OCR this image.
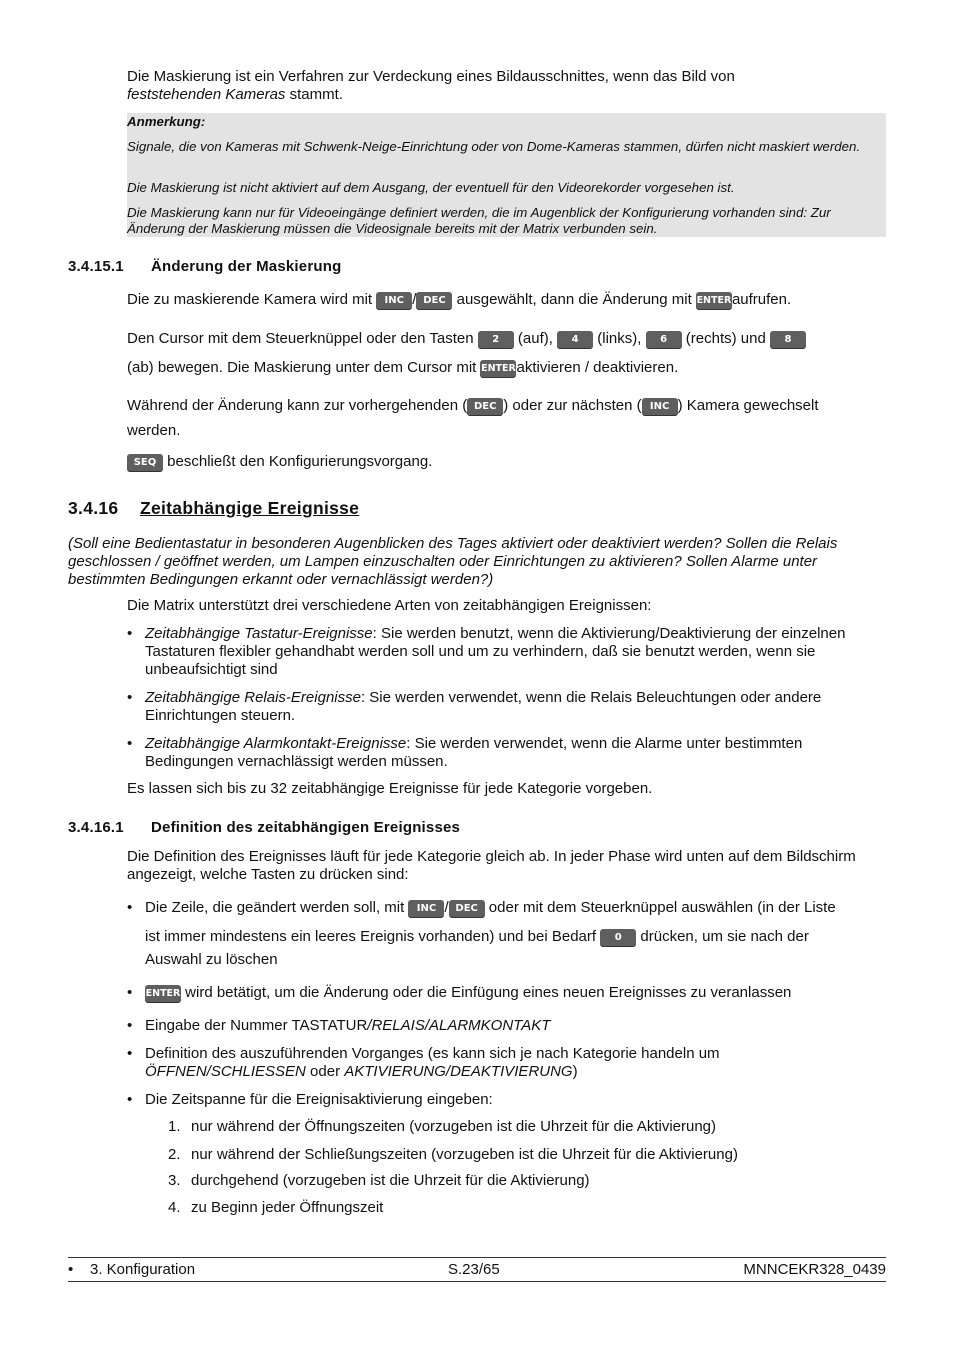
Die Maskierung ist ein Verfahren zur Verdeckung eines Bildausschnittes, wenn das Bild von
feststehenden Kameras stammt.

Anmerkung:

Signale, die von Kameras mit Schwenk-Neige-Einrichtung oder von Dome-Kameras stammen, dürfen nicht maskiert werden.

Die Maskierung ist nicht aktiviert auf dem Ausgang, der eventuell für den Videorekorder vorgesehen ist.

Die Maskierung kann nur für Videoeingänge definiert werden, die im Augenblick der Konfigurierung vorhanden sind: Zur Änderung der Maskierung müssen die Videosignale bereits mit der Matrix verbunden sein.

3.4.15.1 Änderung der Maskierung
Die zu maskierende Kamera wird mit INC / DEC ausgewählt, dann die Änderung mit ENTERaufrufen.
Den Cursor mit dem Steuerknüppel oder den Tasten 2 (auf), 4 (links), 6 (rechts) und 8
(ab) bewegen. Die Maskierung unter dem Cursor mit ENTERaktivieren / deaktivieren.
Während der Änderung kann zur vorhergehenden ( DEC ) oder zur nächsten ( INC ) Kamera gewechselt
werden.
SEQ beschließt den Konfigurierungsvorgang.
3.4.16 Zeitabhängige Ereignisse
(Soll eine Bedientastatur in besonderen Augenblicken des Tages aktiviert oder deaktiviert werden? Sollen die Relais geschlossen / geöffnet werden, um Lampen einzuschalten oder Einrichtungen zu aktivieren? Sollen Alarme unter bestimmten Bedingungen erkannt oder vernachlässigt werden?)
Die Matrix unterstützt drei verschiedene Arten von zeitabhängigen Ereignissen:
• Zeitabhängige Tastatur-Ereignisse: Sie werden benutzt, wenn die Aktivierung/Deaktivierung der einzelnen Tastaturen flexibler gehandhabt werden soll und um zu verhindern, daß sie benutzt werden, wenn sie unbeaufsichtigt sind
• Zeitabhängige Relais-Ereignisse: Sie werden verwendet, wenn die Relais Beleuchtungen oder andere Einrichtungen steuern.
• Zeitabhängige Alarmkontakt-Ereignisse: Sie werden verwendet, wenn die Alarme unter bestimmten Bedingungen vernachlässigt werden müssen.
Es lassen sich bis zu 32 zeitabhängige Ereignisse für jede Kategorie vorgeben.
3.4.16.1 Definition des zeitabhängigen Ereignisses
Die Definition des Ereignisses läuft für jede Kategorie gleich ab. In jeder Phase wird unten auf dem Bildschirm angezeigt, welche Tasten zu drücken sind:
• Die Zeile, die geändert werden soll, mit INC / DEC oder mit dem Steuerknüppel auswählen (in der Liste
ist immer mindestens ein leeres Ereignis vorhanden) und bei Bedarf 0 drücken, um sie nach der
Auswahl zu löschen
• ENTER wird betätigt, um die Änderung oder die Einfügung eines neuen Ereignisses zu veranlassen
• Eingabe der Nummer TASTATUR/RELAIS/ALARMKONTAKT
• Definition des auszuführenden Vorganges (es kann sich je nach Kategorie handeln um
ÖFFNEN/SCHLIESSEN oder AKTIVIERUNG/DEAKTIVIERUNG)
• Die Zeitspanne für die Ereignisaktivierung eingeben:
1. nur während der Öffnungszeiten (vorzugeben ist die Uhrzeit für die Aktivierung)
2. nur während der Schließungszeiten (vorzugeben ist die Uhrzeit für die Aktivierung)
3. durchgehend (vorzugeben ist die Uhrzeit für die Aktivierung)
4. zu Beginn jeder Öffnungszeit
• 3. Konfiguration	S.23/65	MNNCEKR328_0439
